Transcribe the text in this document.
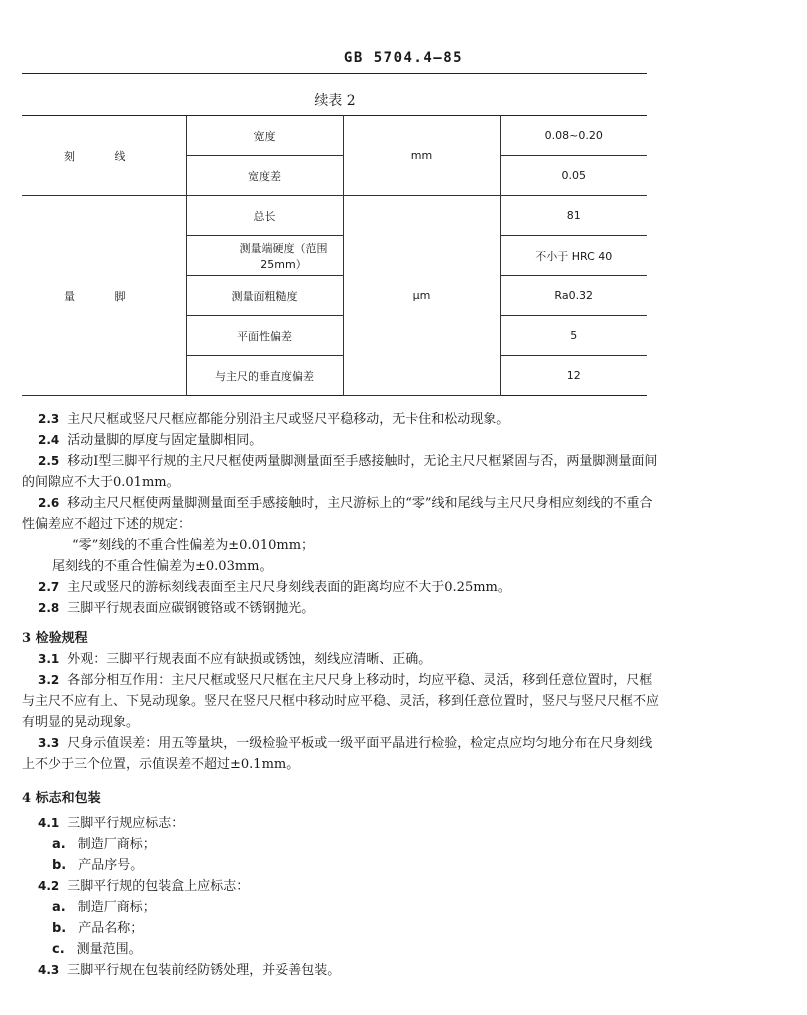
GB 5704.4—85
续表 2
刻 线	宽度	mm	0.08~0.20
	宽度差		0.05
量 脚	总长	μm	81
	测量端硬度（范围25mm）		不小于 HRC 40
	测量面粗糙度		Ra0.32
	平面性偏差		5
	与主尺的垂直度偏差		12

2.3 主尺尺框或竖尺尺框应都能分别沿主尺或竖尺平稳移动，无卡住和松动现象。

2.4 活动量脚的厚度与固定量脚相同。

2.5 移动Ⅰ型三脚平行规的主尺尺框使两量脚测量面至手感接触时，无论主尺尺框紧固与否，两量脚测量面间的间隙应不大于0.01mm。

2.6 移动主尺尺框使两量脚测量面至手感接触时，主尺游标上的“零”线和尾线与主尺尺身相应刻线的不重合性偏差应不超过下述的规定：

“零”刻线的不重合性偏差为±0.010mm；

尾刻线的不重合性偏差为±0.03mm。

2.7 主尺或竖尺的游标刻线表面至主尺尺身刻线表面的距离均应不大于0.25mm。

2.8 三脚平行规表面应碳钢镀铬或不锈钢抛光。

3 检验规程

3.1 外观：三脚平行规表面不应有缺损或锈蚀，刻线应清晰、正确。

3.2 各部分相互作用：主尺尺框或竖尺尺框在主尺尺身上移动时，均应平稳、灵活，移到任意位置时，尺框与主尺不应有上、下晃动现象。竖尺在竖尺尺框中移动时应平稳、灵活，移到任意位置时，竖尺与竖尺尺框不应有明显的晃动现象。

3.3 尺身示值误差：用五等量块，一级检验平板或一级平面平晶进行检验，检定点应均匀地分布在尺身刻线上不少于三个位置，示值误差不超过±0.1mm。

4 标志和包装

4.1 三脚平行规应标志：

a. 制造厂商标；

b. 产品序号。

4.2 三脚平行规的包装盒上应标志：

a. 制造厂商标；

b. 产品名称；

c. 测量范围。

4.3 三脚平行规在包装前经防锈处理，并妥善包装。
